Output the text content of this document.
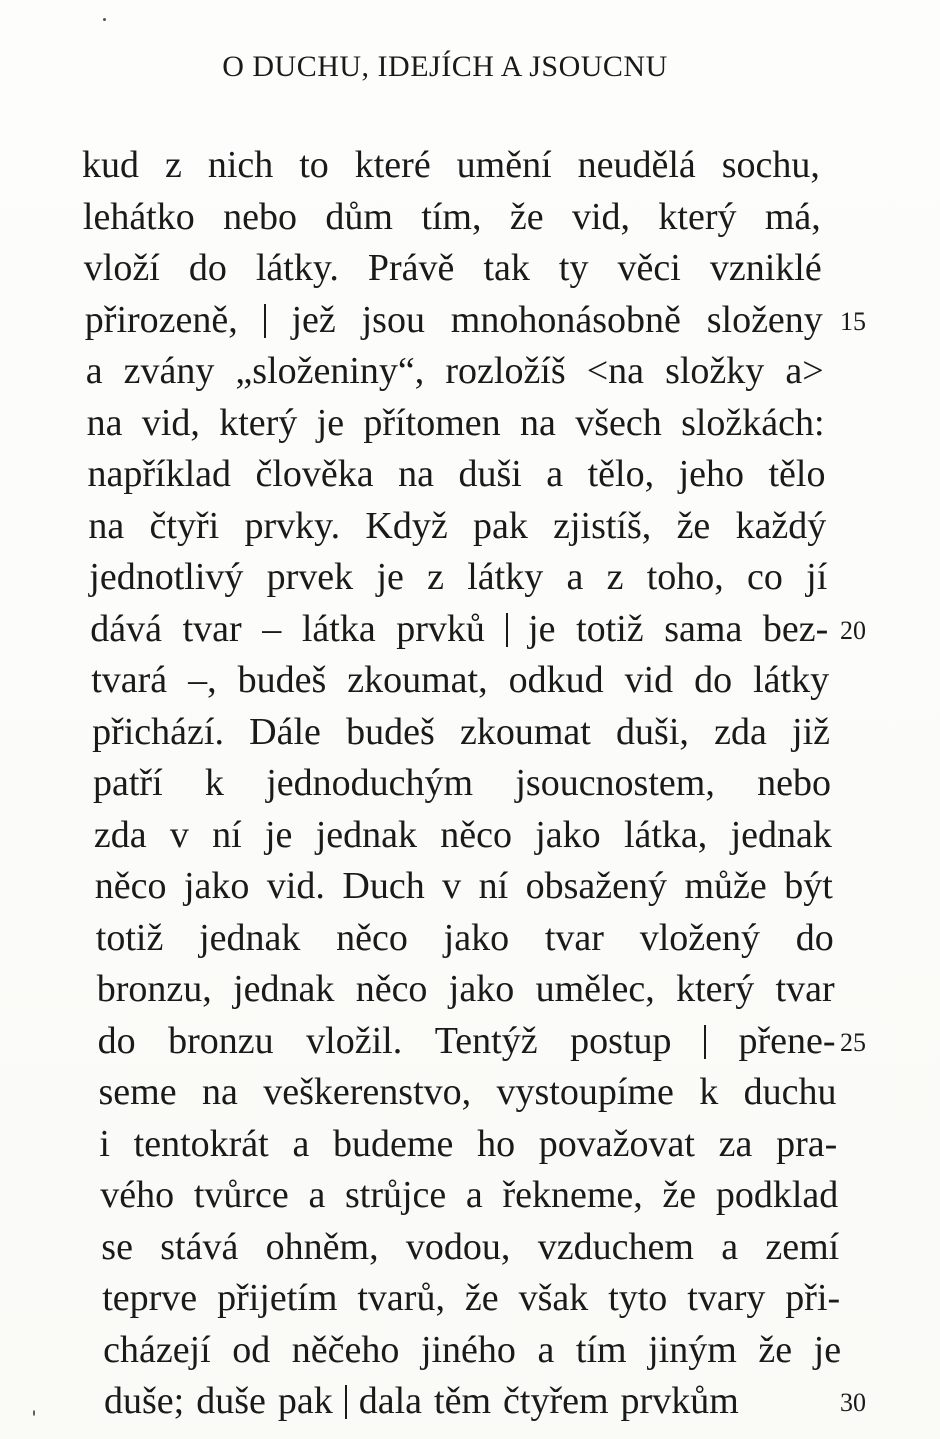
O DUCHU, IDEJÍCH A JSOUCNU
kud z nich to které umění neudělá sochu,
lehátko nebo dům tím, že vid, který má,
vloží do látky. Právě tak ty věci vzniklé
přirozeně, jež jsou mnohonásobně složeny
a zvány „složeniny“, rozložíš <na složky a>
na vid, který je přítomen na všech složkách:
například člověka na duši a tělo, jeho tělo
na čtyři prvky. Když pak zjistíš, že každý
jednotlivý prvek je z látky a z toho, co jí
dává tvar – látka prvků je totiž sama bez-
tvará –, budeš zkoumat, odkud vid do látky
přichází. Dále budeš zkoumat duši, zda již
patří k jednoduchým jsoucnostem, nebo
zda v ní je jednak něco jako látka, jednak
něco jako vid. Duch v ní obsažený může být
totiž jednak něco jako tvar vložený do
bronzu, jednak něco jako umělec, který tvar
do bronzu vložil. Tentýž postup přene-
seme na veškerenstvo, vystoupíme k duchu
i tentokrát a budeme ho považovat za pra-
vého tvůrce a strůjce a řekneme, že podklad
se stává ohněm, vodou, vzduchem a zemí
teprve přijetím tvarů, že však tyto tvary při-
cházejí od něčeho jiného a tím jiným že je
duše; duše pak dala těm čtyřem prvkům
15
20
25
30
